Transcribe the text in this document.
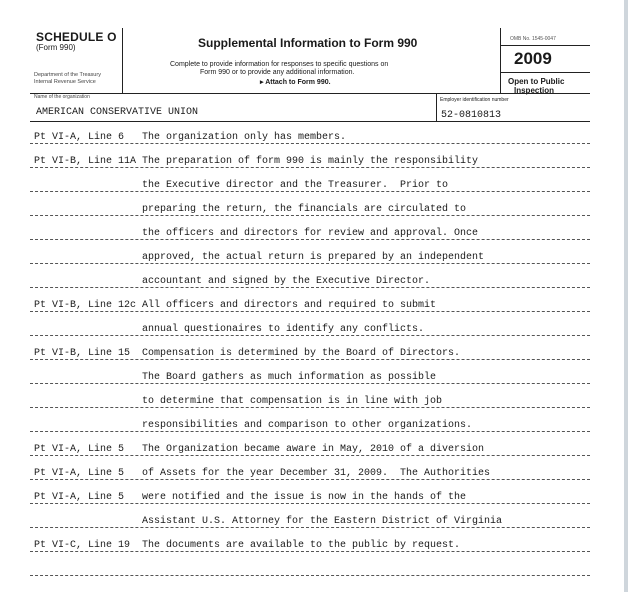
SCHEDULE O
(Form 990)
Department of the Treasury
Internal Revenue Service
Supplemental Information to Form 990
Complete to provide information for responses to specific questions on
Form 990 or to provide any additional information.
▸ Attach to Form 990.
OMB No. 1545-0047
2009
Open to Public
Inspection
Name of the organization	Employer identification number
AMERICAN CONSERVATIVE UNION	52-0810813
Pt VI-A, Line 6 The organization only has members.
Pt VI-B, Line 11A The preparation of form 990 is mainly the responsibility
the Executive director and the Treasurer.  Prior to
preparing the return, the financials are circulated to
the officers and directors for review and approval. Once
approved, the actual return is prepared by an independent
accountant and signed by the Executive Director.
Pt VI-B, Line 12c All officers and directors and required to submit
annual questionaires to identify any conflicts.
Pt VI-B, Line 15 Compensation is determined by the Board of Directors.
The Board gathers as much information as possible
to determine that compensation is in line with job
responsibilities and comparison to other organizations.
Pt VI-A, Line 5 The Organization became aware in May, 2010 of a diversion
Pt VI-A, Line 5 of Assets for the year December 31, 2009.  The Authorities
Pt VI-A, Line 5 were notified and the issue is now in the hands of the
Assistant U.S. Attorney for the Eastern District of Virginia
Pt VI-C, Line 19 The documents are available to the public by request.
